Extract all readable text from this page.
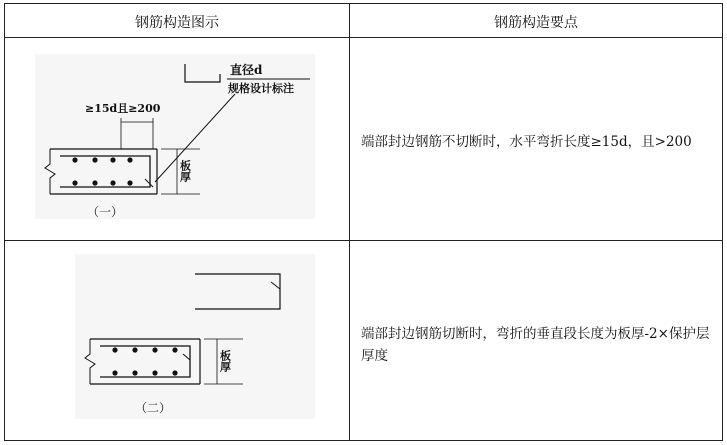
钢筋构造图示	钢筋构造要点
直径d
规格设计标注
≥15d且≥200
板厚
（一）
端部封边钢筋不切断时，水平弯折长度≥15d，且>200
板厚
（二）
端部封边钢筋切断时，弯折的垂直段长度为板厚-2×保护层厚度
